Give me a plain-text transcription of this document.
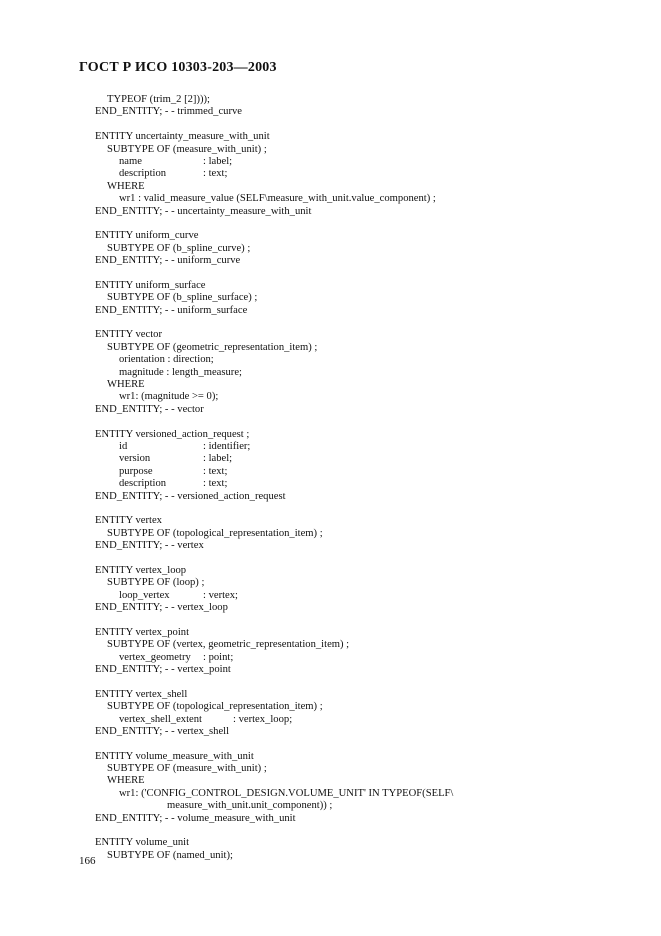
ГОСТ Р ИСО 10303-203—2003
TYPEOF (trim_2 [2])));
END_ENTITY; - - trimmed_curve
ENTITY uncertainty_measure_with_unit
SUBTYPE OF (measure_with_unit) ;
name	: label;
description	: text;
WHERE
wr1 : valid_measure_value (SELF\measure_with_unit.value_component) ;
END_ENTITY; - - uncertainty_measure_with_unit
ENTITY uniform_curve
SUBTYPE OF (b_spline_curve) ;
END_ENTITY; - - uniform_curve
ENTITY uniform_surface
SUBTYPE OF (b_spline_surface) ;
END_ENTITY; - - uniform_surface
ENTITY vector
SUBTYPE OF (geometric_representation_item) ;
orientation : direction;
magnitude : length_measure;
WHERE
wr1: (magnitude >= 0);
END_ENTITY; - - vector
ENTITY versioned_action_request ;
id	: identifier;
version	: label;
purpose	: text;
description	: text;
END_ENTITY; - - versioned_action_request
ENTITY vertex
SUBTYPE OF (topological_representation_item) ;
END_ENTITY; - - vertex
ENTITY vertex_loop
SUBTYPE OF (loop) ;
loop_vertex	: vertex;
END_ENTITY; - - vertex_loop
ENTITY vertex_point
SUBTYPE OF (vertex, geometric_representation_item) ;
vertex_geometry : point;
END_ENTITY; - - vertex_point
ENTITY vertex_shell
SUBTYPE OF (topological_representation_item) ;
vertex_shell_extent	: vertex_loop;
END_ENTITY; - - vertex_shell
ENTITY volume_measure_with_unit
SUBTYPE OF (measure_with_unit) ;
WHERE
wr1: ('CONFIG_CONTROL_DESIGN.VOLUME_UNIT' IN TYPEOF(SELF\
measure_with_unit.unit_component)) ;
END_ENTITY; - - volume_measure_with_unit
ENTITY volume_unit
SUBTYPE OF (named_unit);
166
